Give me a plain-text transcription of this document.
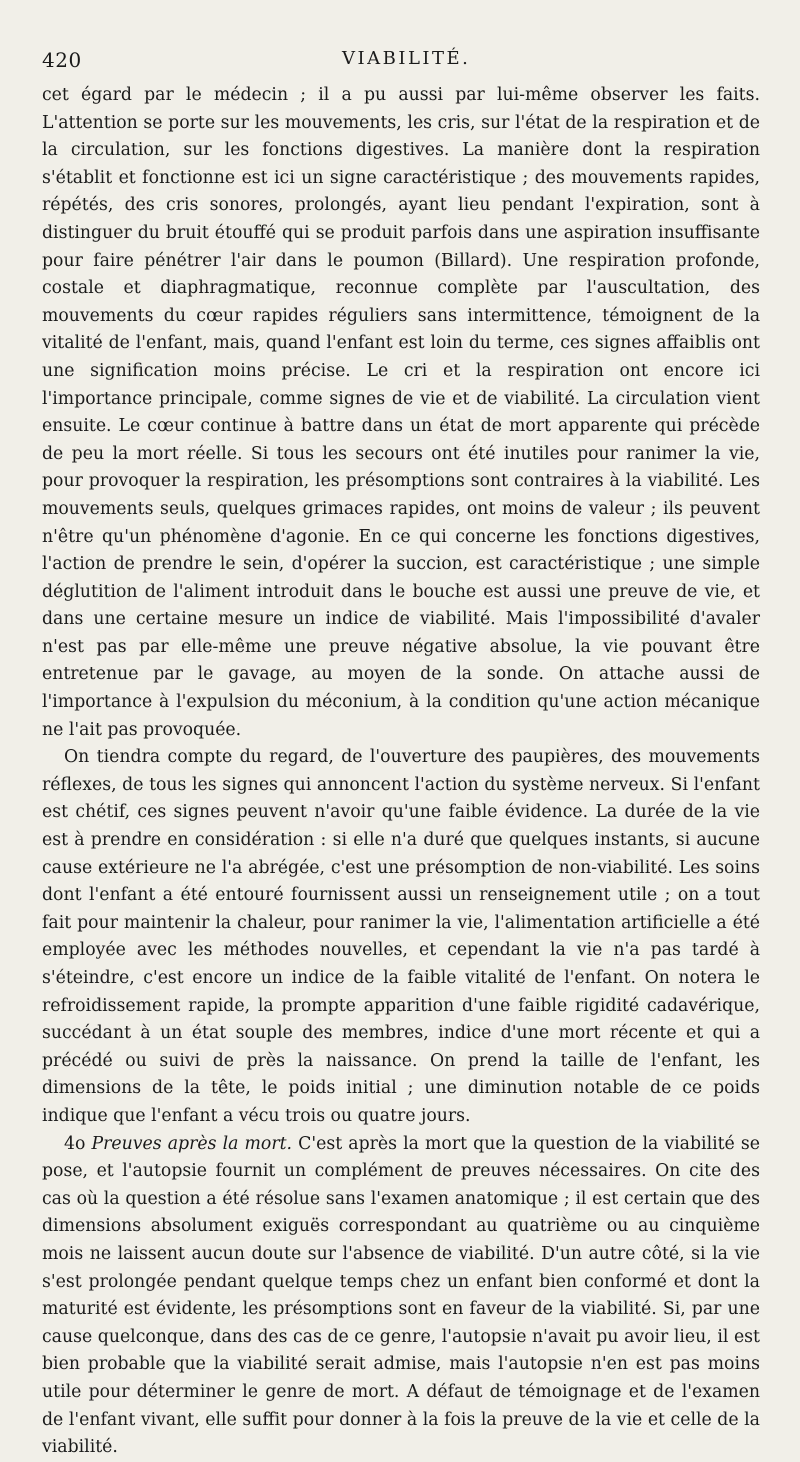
420	VIABILITÉ.

cet égard par le médecin ; il a pu aussi par lui-même observer les faits. L'attention se porte sur les mouvements, les cris, sur l'état de la respiration et de la circulation, sur les fonctions digestives. La manière dont la respiration s'établit et fonctionne est ici un signe caractéristique ; des mouvements rapides, répétés, des cris sonores, prolongés, ayant lieu pendant l'expiration, sont à distinguer du bruit étouffé qui se produit parfois dans une aspiration insuffisante pour faire pénétrer l'air dans le poumon (Billard). Une respiration profonde, costale et diaphragmatique, reconnue complète par l'auscultation, des mouvements du cœur rapides réguliers sans intermittence, témoignent de la vitalité de l'enfant, mais, quand l'enfant est loin du terme, ces signes affaiblis ont une signification moins précise. Le cri et la respiration ont encore ici l'importance principale, comme signes de vie et de viabilité. La circulation vient ensuite. Le cœur continue à battre dans un état de mort apparente qui précède de peu la mort réelle. Si tous les secours ont été inutiles pour ranimer la vie, pour provoquer la respiration, les présomptions sont contraires à la viabilité. Les mouvements seuls, quelques grimaces rapides, ont moins de valeur ; ils peuvent n'être qu'un phénomène d'agonie. En ce qui concerne les fonctions digestives, l'action de prendre le sein, d'opérer la succion, est caractéristique ; une simple déglutition de l'aliment introduit dans le bouche est aussi une preuve de vie, et dans une certaine mesure un indice de viabilité. Mais l'impossibilité d'avaler n'est pas par elle-même une preuve négative absolue, la vie pouvant être entretenue par le gavage, au moyen de la sonde. On attache aussi de l'importance à l'expulsion du méconium, à la condition qu'une action mécanique ne l'ait pas provoquée.

On tiendra compte du regard, de l'ouverture des paupières, des mouvements réflexes, de tous les signes qui annoncent l'action du système nerveux. Si l'enfant est chétif, ces signes peuvent n'avoir qu'une faible évidence. La durée de la vie est à prendre en considération : si elle n'a duré que quelques instants, si aucune cause extérieure ne l'a abrégée, c'est une présomption de non-viabilité. Les soins dont l'enfant a été entouré fournissent aussi un renseignement utile ; on a tout fait pour maintenir la chaleur, pour ranimer la vie, l'alimentation artificielle a été employée avec les méthodes nouvelles, et cependant la vie n'a pas tardé à s'éteindre, c'est encore un indice de la faible vitalité de l'enfant. On notera le refroidissement rapide, la prompte apparition d'une faible rigidité cadavérique, succédant à un état souple des membres, indice d'une mort récente et qui a précédé ou suivi de près la naissance. On prend la taille de l'enfant, les dimensions de la tête, le poids initial ; une diminution notable de ce poids indique que l'enfant a vécu trois ou quatre jours.

4o Preuves après la mort. C'est après la mort que la question de la viabilité se pose, et l'autopsie fournit un complément de preuves nécessaires. On cite des cas où la question a été résolue sans l'examen anatomique ; il est certain que des dimensions absolument exiguës correspondant au quatrième ou au cinquième mois ne laissent aucun doute sur l'absence de viabilité. D'un autre côté, si la vie s'est prolongée pendant quelque temps chez un enfant bien conformé et dont la maturité est évidente, les présomptions sont en faveur de la viabilité. Si, par une cause quelconque, dans des cas de ce genre, l'autopsie n'avait pu avoir lieu, il est bien probable que la viabilité serait admise, mais l'autopsie n'en est pas moins utile pour déterminer le genre de mort. A défaut de témoignage et de l'examen de l'enfant vivant, elle suffit pour donner à la fois la preuve de la vie et celle de la viabilité.
